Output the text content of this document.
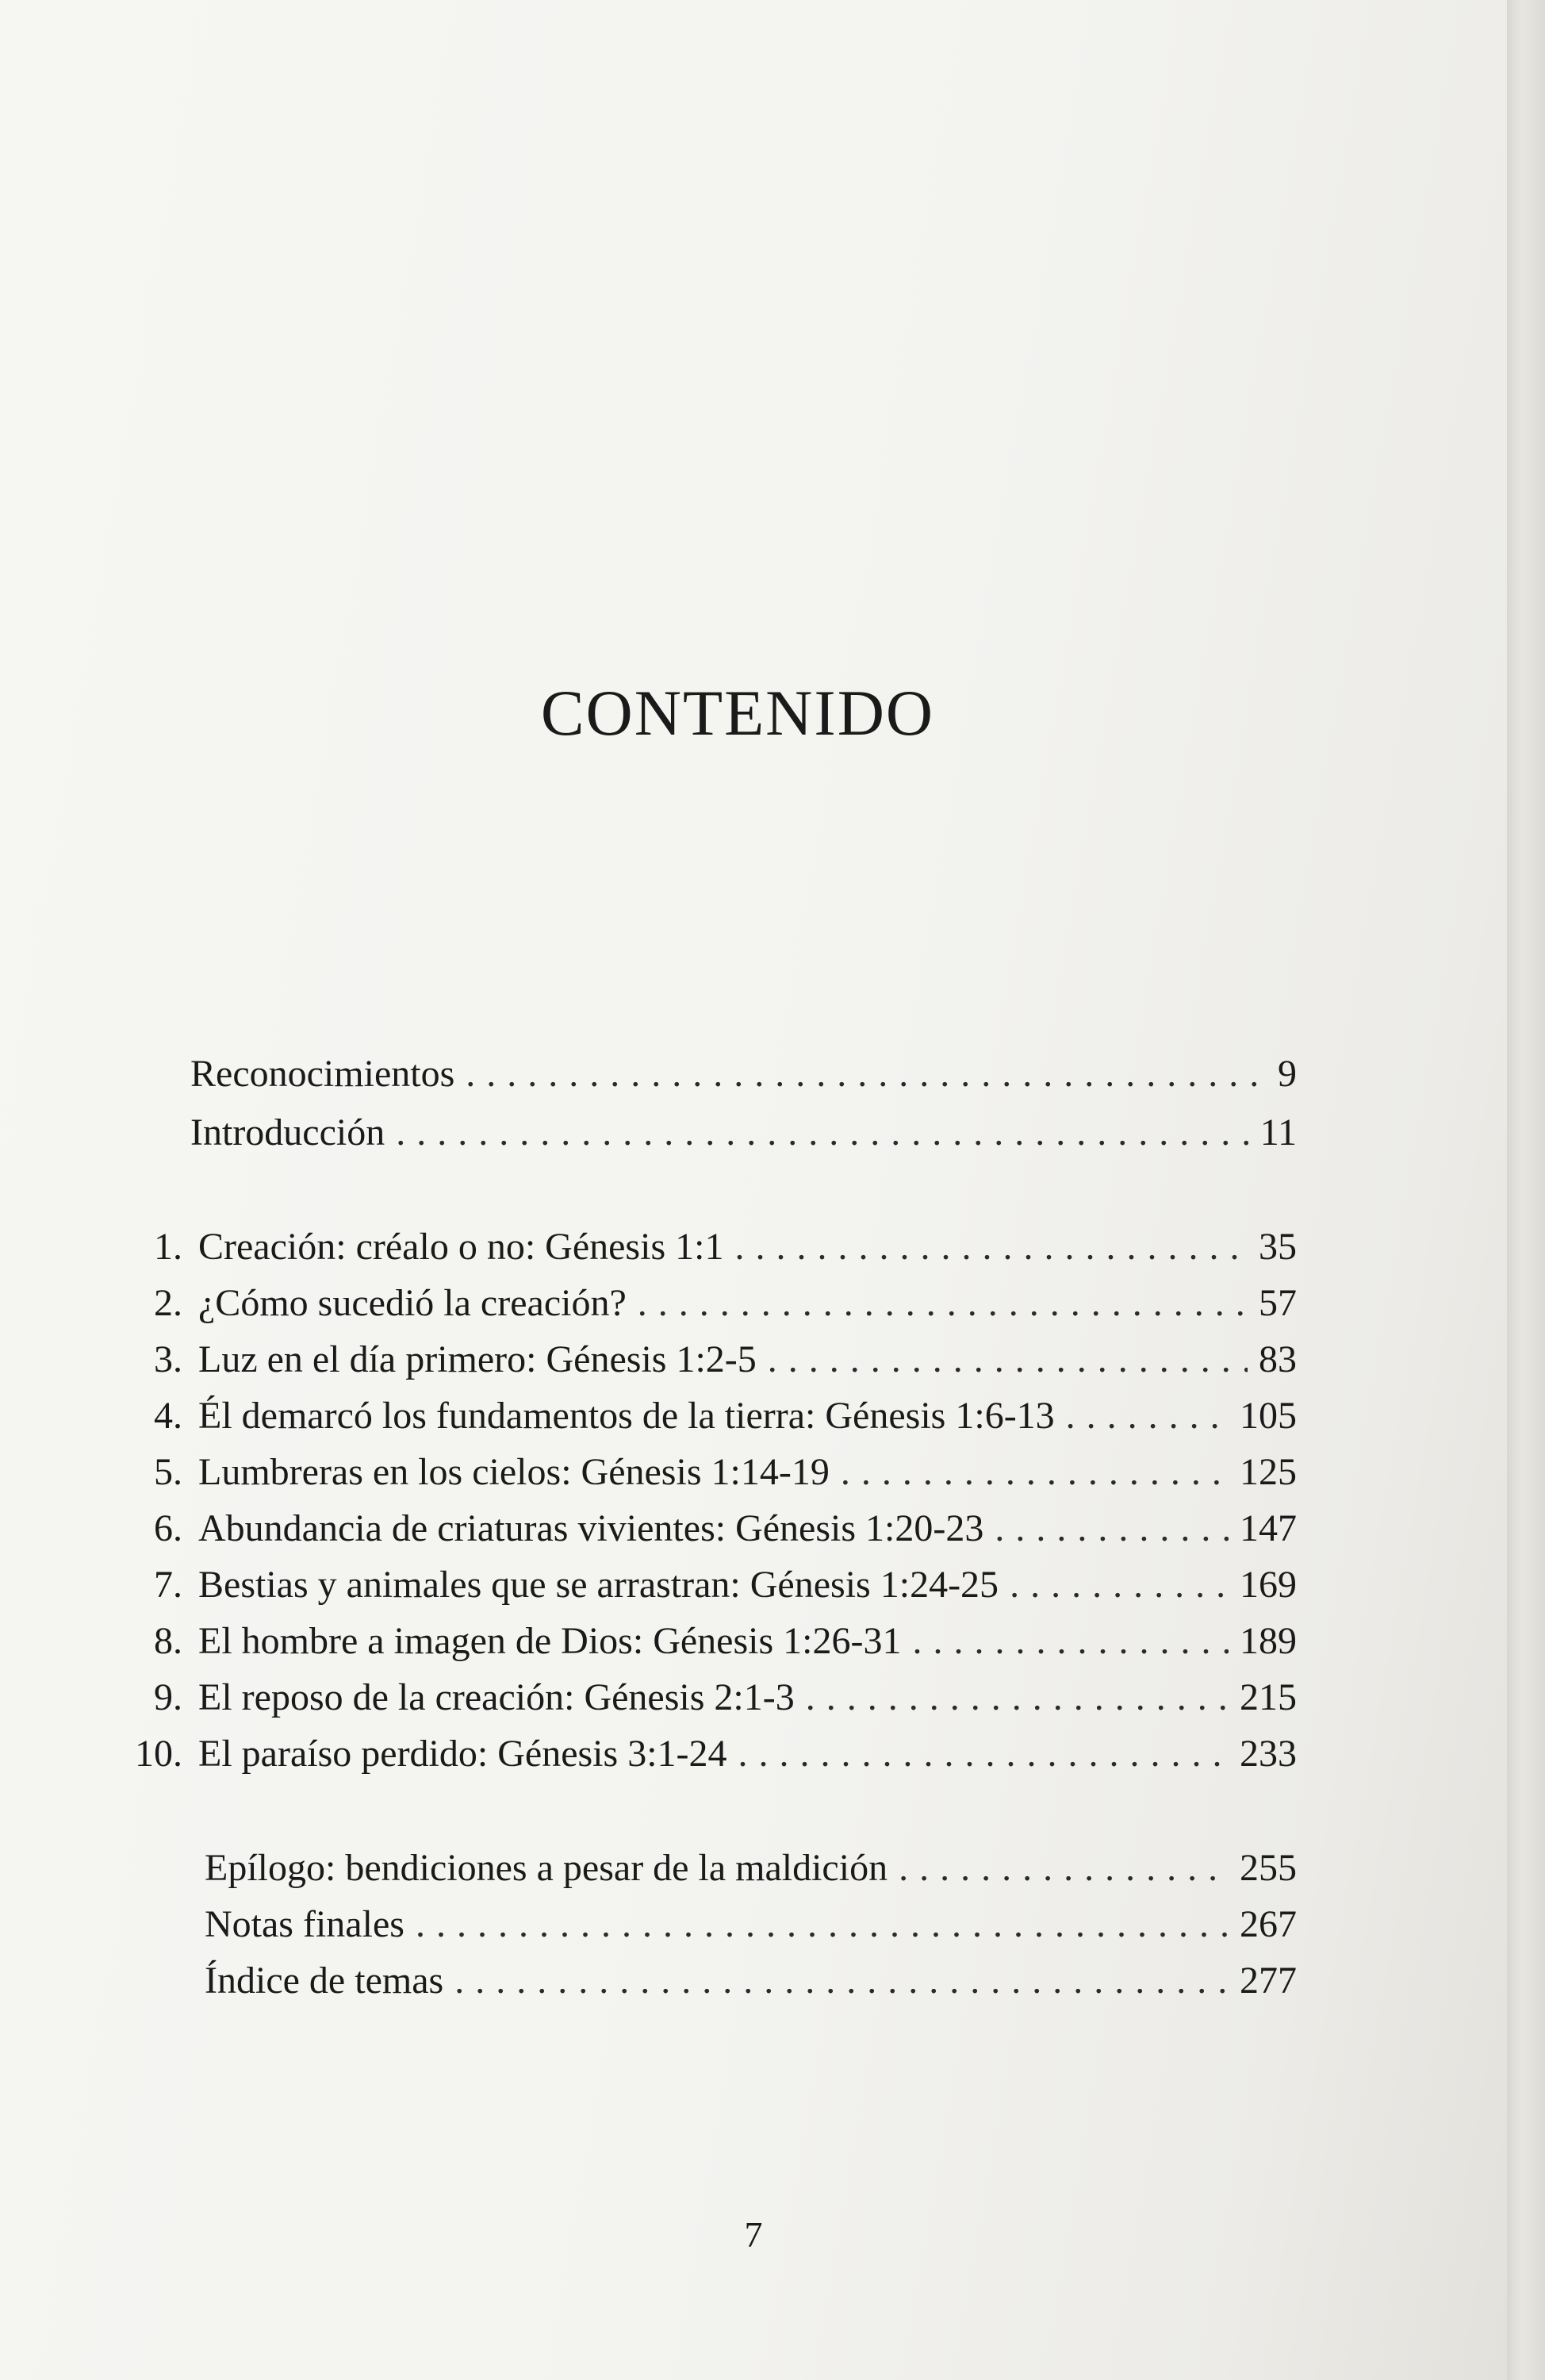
CONTENIDO
Reconocimientos . . .	9
Introducción . . .	11
1. Creación: créalo o no: Génesis 1:1 . . .	35
2. ¿Cómo sucedió la creación? . . .	57
3. Luz en el día primero: Génesis 1:2-5 . . .	83
4. Él demarcó los fundamentos de la tierra: Génesis 1:6-13 . . .	105
5. Lumbreras en los cielos: Génesis 1:14-19 . . .	125
6. Abundancia de criaturas vivientes: Génesis 1:20-23 . . .	147
7. Bestias y animales que se arrastran: Génesis 1:24-25 . . .	169
8. El hombre a imagen de Dios: Génesis 1:26-31 . . .	189
9. El reposo de la creación: Génesis 2:1-3 . . .	215
10. El paraíso perdido: Génesis 3:1-24 . . .	233
Epílogo: bendiciones a pesar de la maldición . . .	255
Notas finales . . .	267
Índice de temas . . .	277
7
